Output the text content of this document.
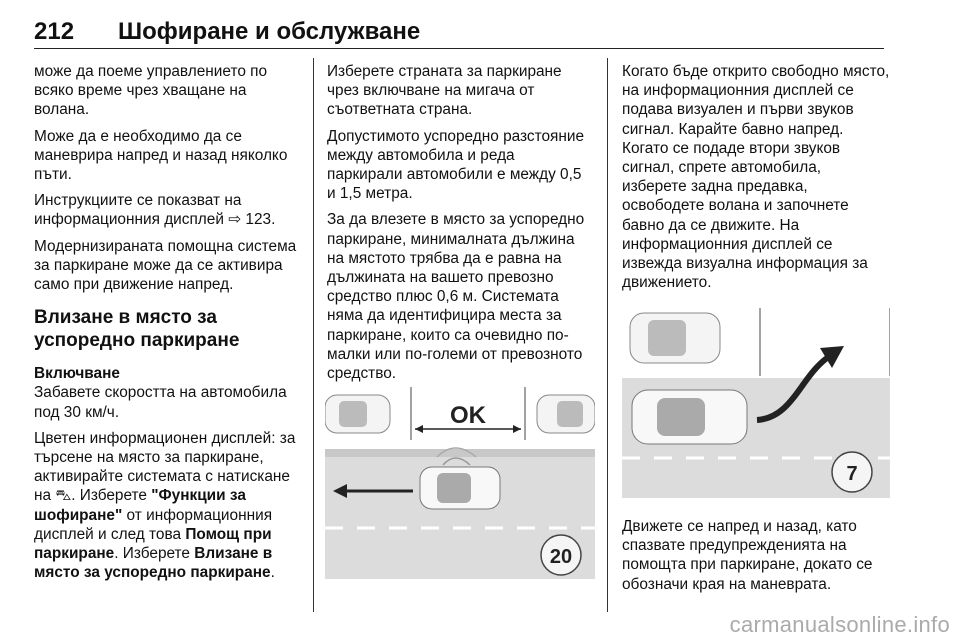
212 Шофиране и обслужване

може да поеме управлението по всяко време чрез хващане на волана.

Може да е необходимо да се маневрира напред и назад няколко пъти.

Инструкциите се показват на информационния дисплей ⇨ 123.

Модернизираната помощна система за паркиране може да се активира само при движение напред.

Влизане в място за успоредно паркиране
Включване

Забавете скоростта на автомобила под 30 км/ч.

Цветен информационен дисплей: за търсене на място за паркиране, активирайте системата с натискане на ⛍. Изберете "Функции за шофиране" от информационния дисплей и след това Помощ при паркиране. Изберете Влизане в място за успоредно паркиране.

Изберете страната за паркиране чрез включване на мигача от съответната страна.

Допустимото успоредно разстояние между автомобила и реда паркирали автомобили е между 0,5 и 1,5 метра.

За да влезете в място за успоредно паркиране, минималната дължина на мястото трябва да е равна на дължината на вашето превозно средство плюс 0,6 м. Системата няма да идентифицира места за паркиране, които са очевидно по-малки или по-големи от превозното средство.

OK
20

Когато бъде открито свободно място, на информационния дисплей се подава визуален и първи звуков сигнал. Карайте бавно напред. Когато се подаде втори звуков сигнал, спрете автомобила, изберете задна предавка, освободете волана и започнете бавно да се движите. На информационния дисплей се извежда визуална информация за движението.

7
Движете се напред и назад, като спазвате предупрежденията на помощта при паркиране, докато се обозначи края на маневрата.
carmanualsonline.info
